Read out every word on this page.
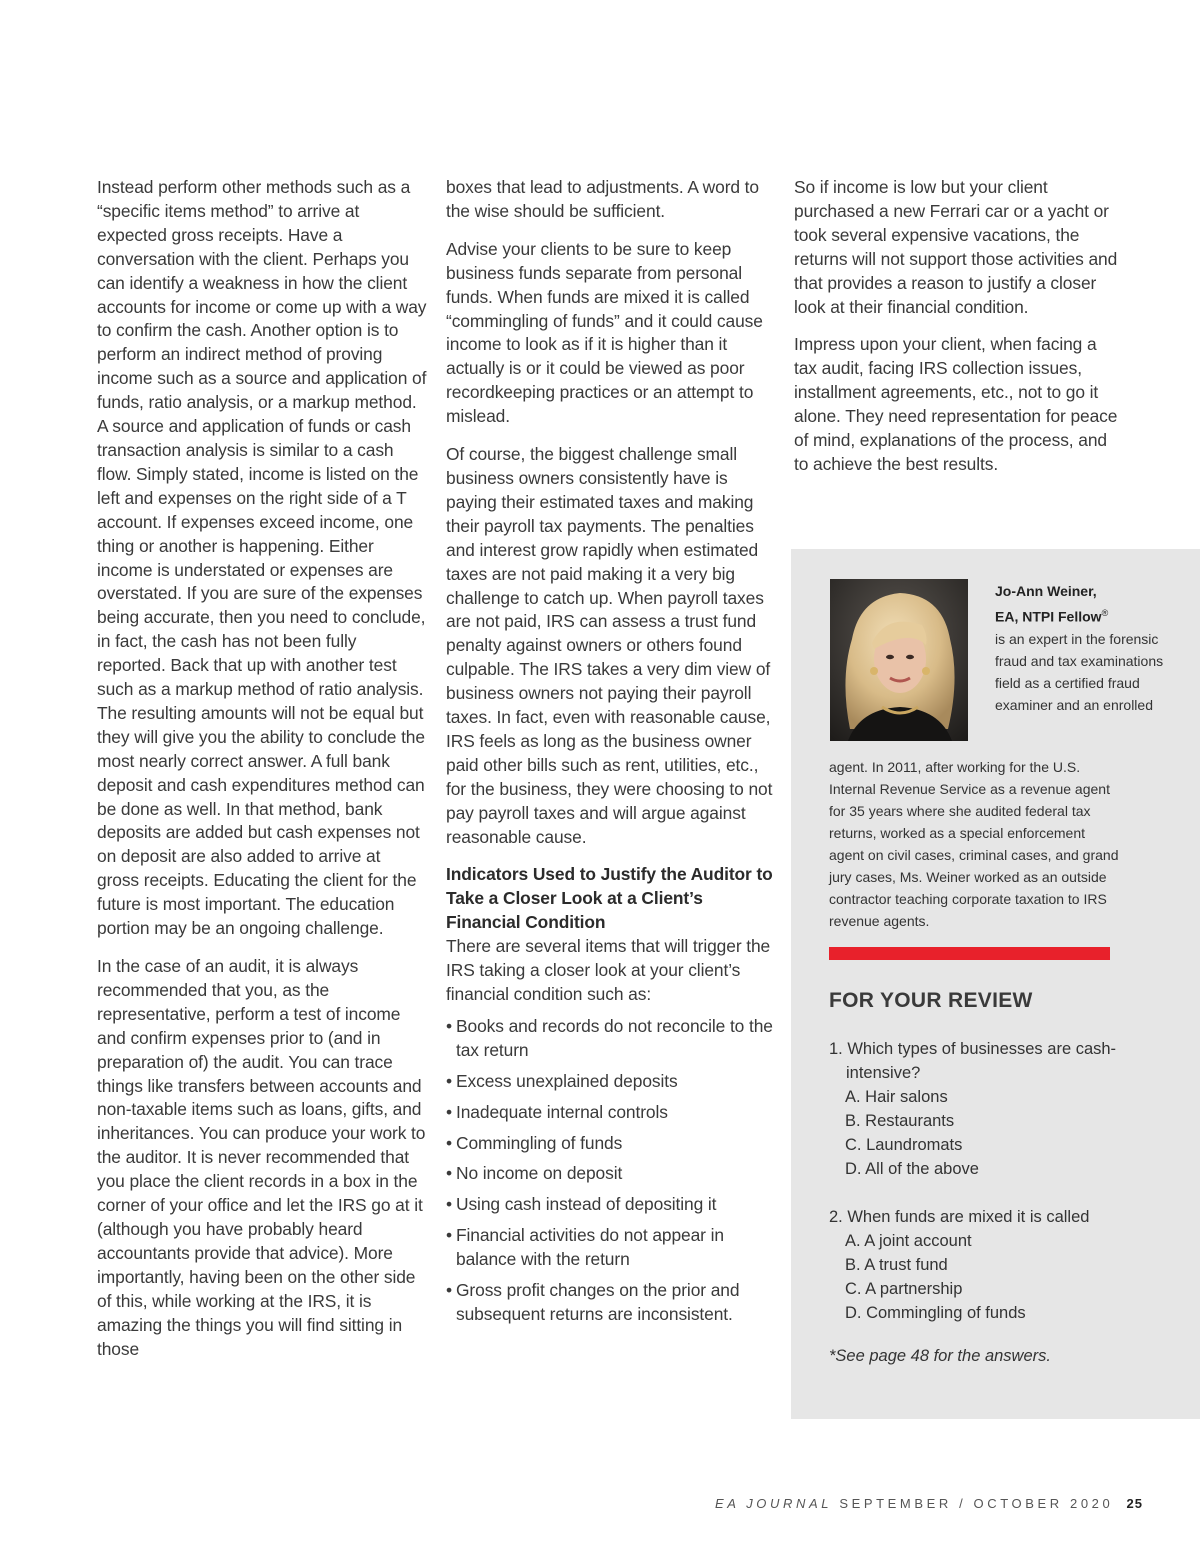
Instead perform other methods such as a “specific items method” to arrive at expected gross receipts. Have a conversation with the client. Perhaps you can identify a weakness in how the client accounts for income or come up with a way to confirm the cash. Another option is to perform an indirect method of proving income such as a source and application of funds, ratio analysis, or a markup method. A source and application of funds or cash transaction analysis is similar to a cash flow. Simply stated, income is listed on the left and expenses on the right side of a T account. If expenses exceed income, one thing or another is happening. Either income is understated or expenses are overstated. If you are sure of the expenses being accurate, then you need to conclude, in fact, the cash has not been fully reported. Back that up with another test such as a markup method of ratio analysis. The resulting amounts will not be equal but they will give you the ability to conclude the most nearly correct answer. A full bank deposit and cash expenditures method can be done as well. In that method, bank deposits are added but cash expenses not on deposit are also added to arrive at gross receipts. Educating the client for the future is most important. The education portion may be an ongoing challenge.

In the case of an audit, it is always recommended that you, as the representative, perform a test of income and confirm expenses prior to (and in preparation of) the audit. You can trace things like transfers between accounts and non-taxable items such as loans, gifts, and inheritances. You can produce your work to the auditor. It is never recommended that you place the client records in a box in the corner of your office and let the IRS go at it (although you have probably heard accountants provide that advice). More importantly, having been on the other side of this, while working at the IRS, it is amazing the things you will find sitting in those

boxes that lead to adjustments. A word to the wise should be sufficient.

Advise your clients to be sure to keep business funds separate from personal funds. When funds are mixed it is called “commingling of funds” and it could cause income to look as if it is higher than it actually is or it could be viewed as poor recordkeeping practices or an attempt to mislead.

Of course, the biggest challenge small business owners consistently have is paying their estimated taxes and making their payroll tax payments. The penalties and interest grow rapidly when estimated taxes are not paid making it a very big challenge to catch up. When payroll taxes are not paid, IRS can assess a trust fund penalty against owners or others found culpable. The IRS takes a very dim view of business owners not paying their payroll taxes. In fact, even with reasonable cause, IRS feels as long as the business owner paid other bills such as rent, utilities, etc., for the business, they were choosing to not pay payroll taxes and will argue against reasonable cause.

Indicators Used to Justify the Auditor to Take a Closer Look at a Client’s Financial Condition
There are several items that will trigger the IRS taking a closer look at your client’s financial condition such as:
• Books and records do not reconcile to the tax return
• Excess unexplained deposits
• Inadequate internal controls
• Commingling of funds
• No income on deposit
• Using cash instead of depositing it
• Financial activities do not appear in balance with the return
• Gross profit changes on the prior and subsequent returns are inconsistent.

So if income is low but your client purchased a new Ferrari car or a yacht or took several expensive vacations, the returns will not support those activities and that provides a reason to justify a closer look at their financial condition.

Impress upon your client, when facing a tax audit, facing IRS collection issues, installment agreements, etc., not to go it alone. They need representation for peace of mind, explanations of the process, and to achieve the best results.

Jo-Ann Weiner,
EA, NTPI Fellow®
is an expert in the forensic fraud and tax examinations field as a certified fraud examiner and an enrolled
agent. In 2011, after working for the U.S. Internal Revenue Service as a revenue agent for 35 years where she audited federal tax returns, worked as a special enforcement agent on civil cases, criminal cases, and grand jury cases, Ms. Weiner worked as an outside contractor teaching corporate taxation to IRS revenue agents.
FOR YOUR REVIEW
1. Which types of businesses are cash-intensive?
A. Hair salons
B. Restaurants
C. Laundromats
D. All of the above
2. When funds are mixed it is called
A. A joint account
B. A trust fund
C. A partnership
D. Commingling of funds
*See page 48 for the answers.
EA JOURNAL SEPTEMBER / OCTOBER 2020 25
